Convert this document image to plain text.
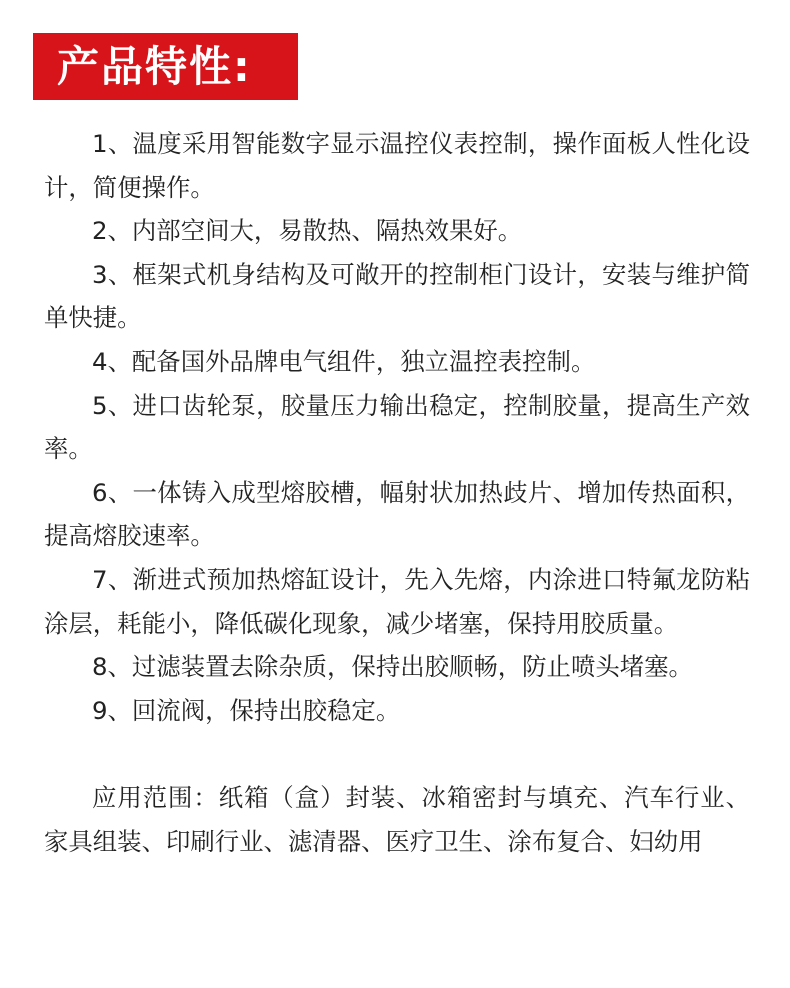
产品特性:

1、温度采用智能数字显示温控仪表控制，操作面板人性化设计，简便操作。

2、内部空间大，易散热、隔热效果好。

3、框架式机身结构及可敞开的控制柜门设计，安装与维护简单快捷。

4、配备国外品牌电气组件，独立温控表控制。

5、进口齿轮泵，胶量压力输出稳定，控制胶量，提高生产效率。

6、一体铸入成型熔胶槽，幅射状加热歧片、增加传热面积，提高熔胶速率。

7、渐进式预加热熔缸设计，先入先熔，内涂进口特氟龙防粘涂层，耗能小，降低碳化现象，减少堵塞，保持用胶质量。

8、过滤装置去除杂质，保持出胶顺畅，防止喷头堵塞。

9、回流阀，保持出胶稳定。

应用范围：纸箱（盒）封装、冰箱密封与填充、汽车行业、家具组装、印刷行业、滤清器、医疗卫生、涂布复合、妇幼用
